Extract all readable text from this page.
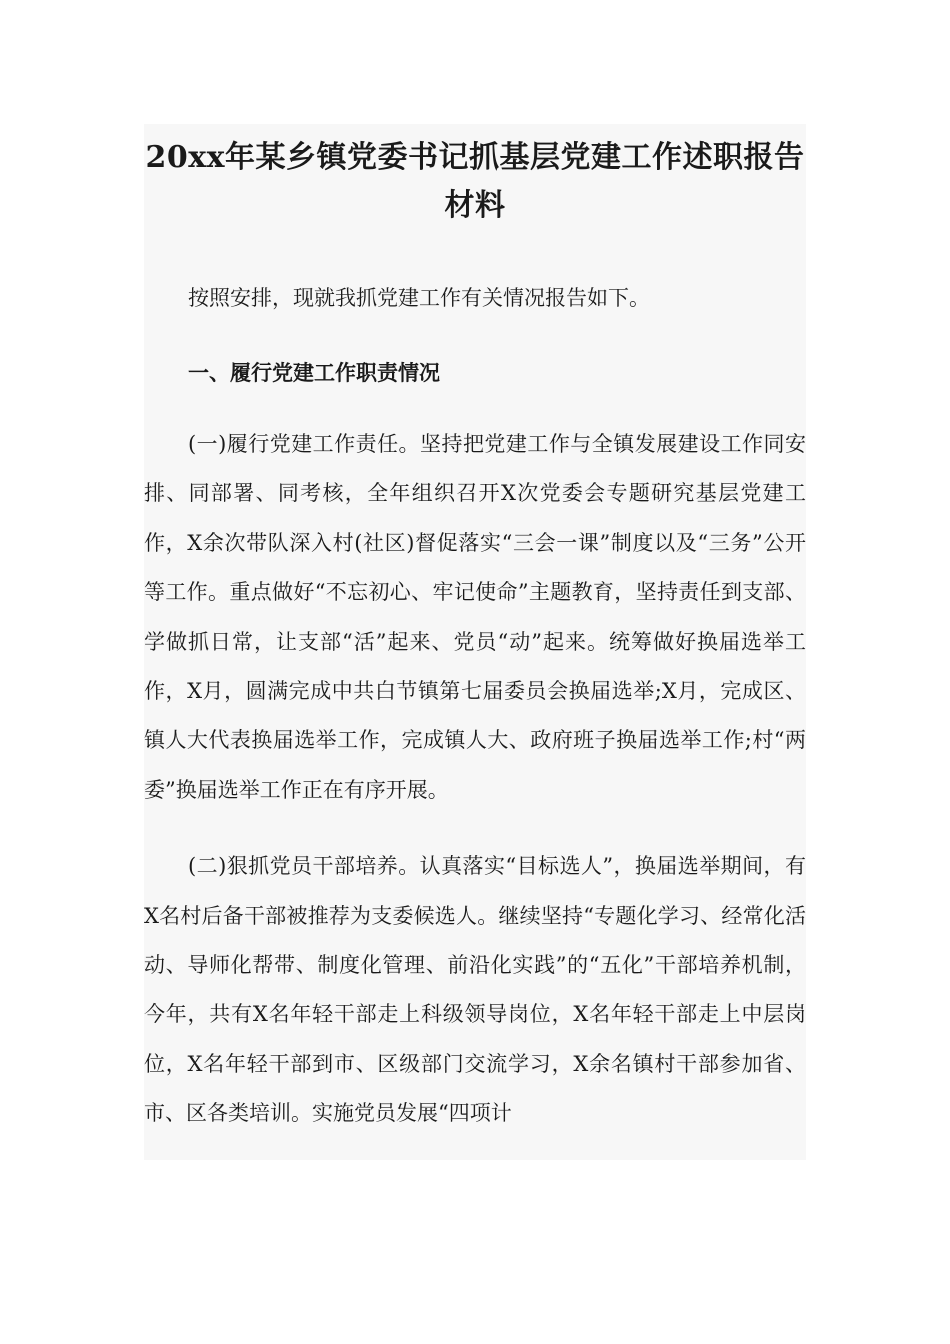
20xx年某乡镇党委书记抓基层党建工作述职报告材料

按照安排，现就我抓党建工作有关情况报告如下。

一、履行党建工作职责情况

(一)履行党建工作责任。坚持把党建工作与全镇发展建设工作同安排、同部署、同考核，全年组织召开X次党委会专题研究基层党建工作，X余次带队深入村(社区)督促落实“三会一课”制度以及“三务”公开等工作。重点做好“不忘初心、牢记使命”主题教育，坚持责任到支部、学做抓日常，让支部“活”起来、党员“动”起来。统筹做好换届选举工作，X月，圆满完成中共白节镇第七届委员会换届选举;X月，完成区、镇人大代表换届选举工作，完成镇人大、政府班子换届选举工作;村“两委”换届选举工作正在有序开展。

(二)狠抓党员干部培养。认真落实“目标选人”，换届选举期间，有X名村后备干部被推荐为支委候选人。继续坚持“专题化学习、经常化活动、导师化帮带、制度化管理、前沿化实践”的“五化”干部培养机制，今年，共有X名年轻干部走上科级领导岗位，X名年轻干部走上中层岗位，X名年轻干部到市、区级部门交流学习，X余名镇村干部参加省、市、区各类培训。实施党员发展“四项计
